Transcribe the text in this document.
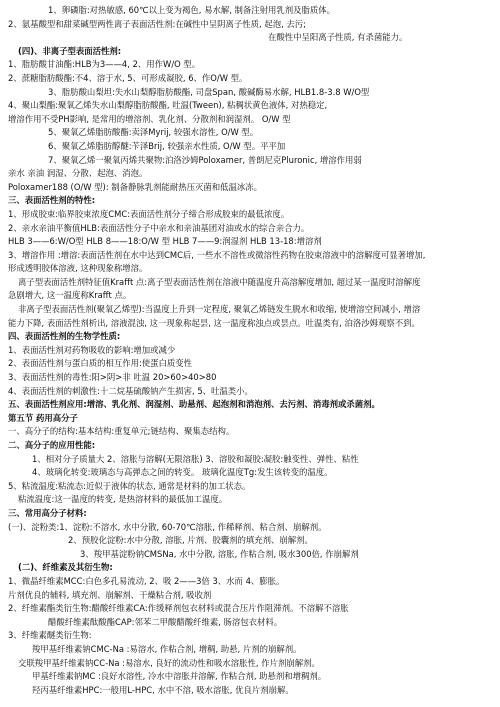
1、卵磷脂:对热敏感, 60℃以上变为褐色, 易水解, 制备注射用乳剂及脂质体。
2、氨基酸型和甜菜碱型两性离子表面活性剂:在碱性中呈阴离子性质, 起泡, 去污;
在酸性中呈阳离子性质, 有杀菌能力。
(四)、非离子型表面活性剂:
1、脂肪酸甘油酯:HLB为3——4, 2、用作W/O 型。
2、蔗糖脂肪酸酯:不4、溶于水, 5、可形成凝胶, 6、作O/W 型。
3、脂肪酸山梨坦:失水山梨醇脂肪酸酯, 司盘Span, 酸碱酶易水解, HLB1.8-3.8 W/O型
4、聚山梨酯:聚氧乙烯失水山梨醇脂肪酸酯, 吐温(Tween), 粘稠状黄色液体, 对热稳定,
增溶作用不受PH影响, 是常用的增溶剂、乳化剂、分散剂和润湿剂。 O/W 型
5、聚氧乙烯脂肪酸酯:卖泽Myrij, 较强水溶性, O/W 型。
6、聚氧乙烯脂肪醇醚:苄泽Brij, 较强亲水性质, O/W 型。平平加
7、聚氧乙烯一聚氧丙烯共聚物:泊洛沙姆Poloxamer, 普朗尼克Pluronic, 增溶作用弱
亲水 亲油 润湿、分散、起泡、消泡。
Poloxamer188 (O/W 型): 制备静脉乳剂能耐热压灭菌和低温冰冻。
三、表面活性剂的特性:
1、形成胶束:临界胶束浓度CMC:表面活性剂分子缔合形成胶束的最低浓度。
2、亲水亲油平衡值HLB:表面活性分子中亲水和亲油基团对油或水的综合亲合力。
HLB 3——6:W/O型 HLB 8——18:O/W 型 HLB 7——9:润湿剂 HLB 13-18:增溶剂
3、增溶作用 :增溶:表面活性剂在水中达到CMC后, 一些水不溶性或微溶性药物在胶束溶液中的溶解度可显著增加,
形成透明胶体溶液, 这种现象称增溶。
离子型表面活性剂特征值Krafft 点:离子型表面活性剂在溶液中随温度升高溶解度增加, 超过某一温度时溶解度
急剧增大, 这一温度称Krafft 点。
非离子型表面活性剂(聚氧乙烯型):当温度上升到一定程度, 聚氧乙烯链发生脱水和收缩, 使增溶空间减小, 增溶
能力下降, 表面活性剂析出, 溶液混浊, 这一现象称起昙, 这一温度称浊点或昙点。吐温类有, 泊洛沙姆观察不到。
四、表面活性剂的生物学性质:
1、表面活性剂对药物吸收的影响:增加或减少
2、表面活性剂与蛋白质的相互作用:使蛋白质变性
3、表面活性剂的毒性:阳>阴>非 吐温 20>60>40>80
4、表面活性剂的刺激性:十二烷基硫酸钠产生损害, 5、吐温类小。
五、表面活性剂应用:增溶、乳化剂、润湿剂、助悬剂、起泡剂和消泡剂、去污剂、消毒剂或杀菌剂。
第五节 药用高分子
一、高分子的结构:基本结构:重复单元;链结构、聚集态结构。
二、高分子的应用性能:
1、相对分子质量大 2、溶胀与溶解(无限溶胀) 3、溶胶和凝胶:凝胶:触变性、弹性、粘性
4、玻璃化转变:玻璃态与高弹态之间的转变。 玻璃化温度Tg:发生该转变的温度。
5、粘流温度:粘流态:近似于液体的状态, 通常是材料的加工状态。
粘流温度:这一温度的转变, 是热溶材料的最低加工温度。
三、常用高分子材料:
(一)、淀粉类:1、淀粉:不溶水, 水中分散, 60-70℃溶胀, 作稀释剂、粘合剂、崩解剂。
2、预胶化淀粉:水中分散, 溶胀, 片剂、胶囊剂的填充剂、崩解剂。
3、羧甲基淀粉钠CMSNa, 水中分散, 溶胀, 作粘合剂, 吸水300倍, 作崩解剂
(二)、纤维素及其衍生物:
1、微晶纤维素MCC:白色多孔易流动, 2、吸 2——3倍 3、水而 4、膨胀。
片剂优良的辅料, 填充剂、崩解剂、干燥粘合剂, 吸收剂
2、纤维素酯类衍生物:醋酸纤维素CA:作缓释剂包衣材料或混合压片作阻滞剂。不溶解不溶胀
醋酸纤维素酞酸酯CAP:邻苯二甲酸醋酸纤维素, 肠溶包衣材料。
3、纤维素醚类衍生物:
羧甲基纤维素钠CMC-Na :易溶水, 作粘合剂, 增稠, 助悬, 片剂的崩解剂。
交联羧甲基纤维素钠CC-Na :易溶水, 良好的流动性和吸水溶胀性, 作片剂崩解剂。
甲基纤维素钠MC :良好水溶性, 冷水中溶胀并溶解, 作粘合剂, 助悬剂和增稠剂。
羟丙基纤维素HPC:一般用L-HPC, 水中不溶, 吸水溶胀, 优良片剂崩解。
